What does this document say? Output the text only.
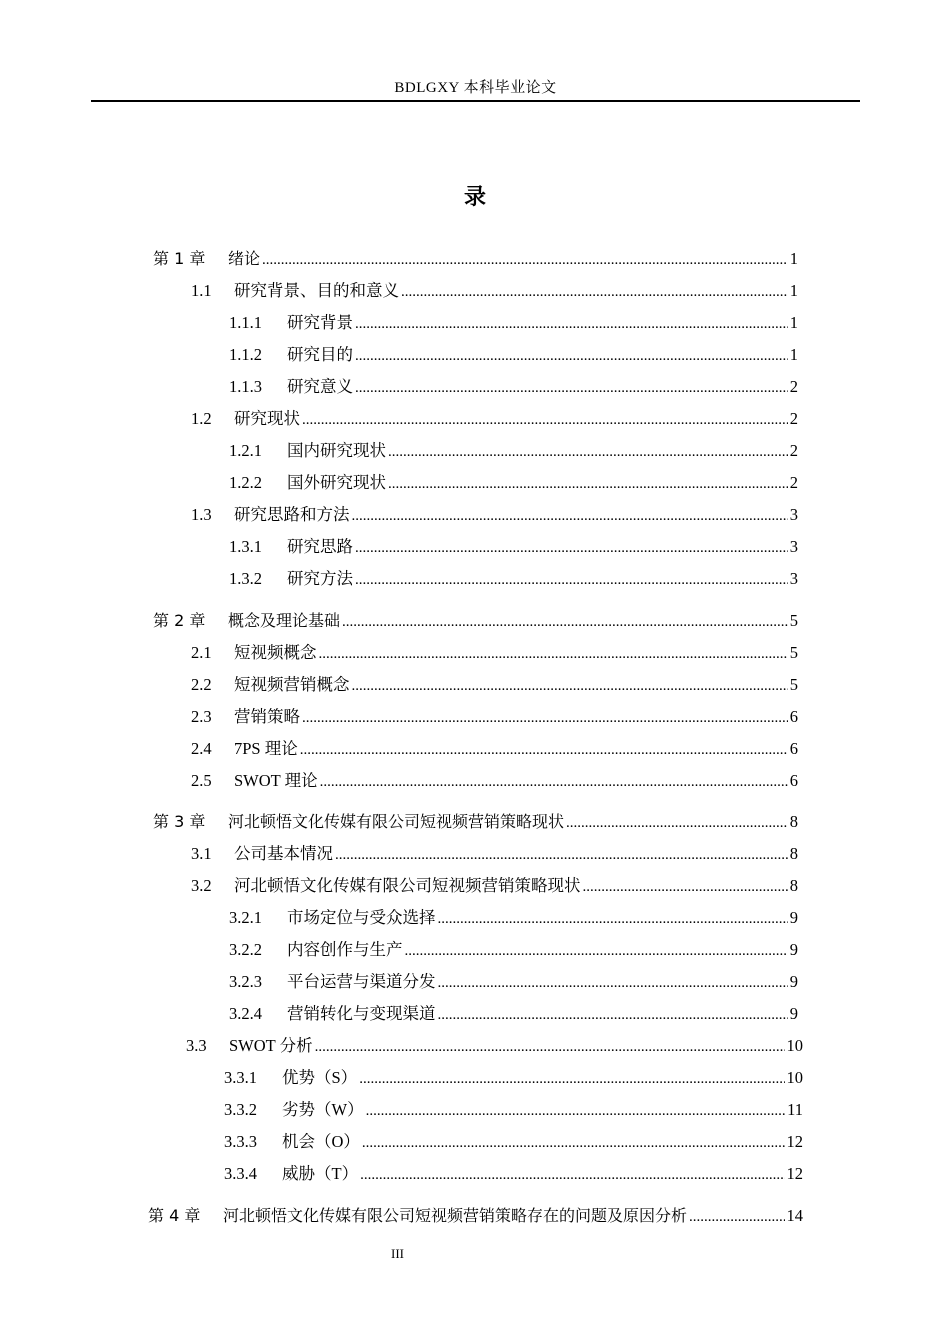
BDLGXY 本科毕业论文
录
第 1 章	绪论 .....	1
1.1	研究背景、目的和意义 .....	1
1.1.1	研究背景 .....	1
1.1.2	研究目的 .....	1
1.1.3	研究意义 .....	2
1.2	研究现状 .....	2
1.2.1	国内研究现状 .....	2
1.2.2	国外研究现状 .....	2
1.3	研究思路和方法 .....	3
1.3.1	研究思路 .....	3
1.3.2	研究方法 .....	3
第 2 章	概念及理论基础 .....	5
2.1	短视频概念 .....	5
2.2	短视频营销概念 .....	5
2.3	营销策略 .....	6
2.4	7PS 理论 .....	6
2.5	SWOT 理论 .....	6
第 3 章	河北顿悟文化传媒有限公司短视频营销策略现状 .....	8
3.1	公司基本情况 .....	8
3.2	河北顿悟文化传媒有限公司短视频营销策略现状 .....	8
3.2.1	市场定位与受众选择 .....	9
3.2.2	内容创作与生产 .....	9
3.2.3	平台运营与渠道分发 .....	9
3.2.4	营销转化与变现渠道 .....	9
3.3	SWOT 分析 .....	10
3.3.1	优势（S） .....	10
3.3.2	劣势（W） .....	11
3.3.3	机会（O） .....	12
3.3.4	威胁（T） .....	12
第 4 章	河北顿悟文化传媒有限公司短视频营销策略存在的问题及原因分析 .....	14
III
